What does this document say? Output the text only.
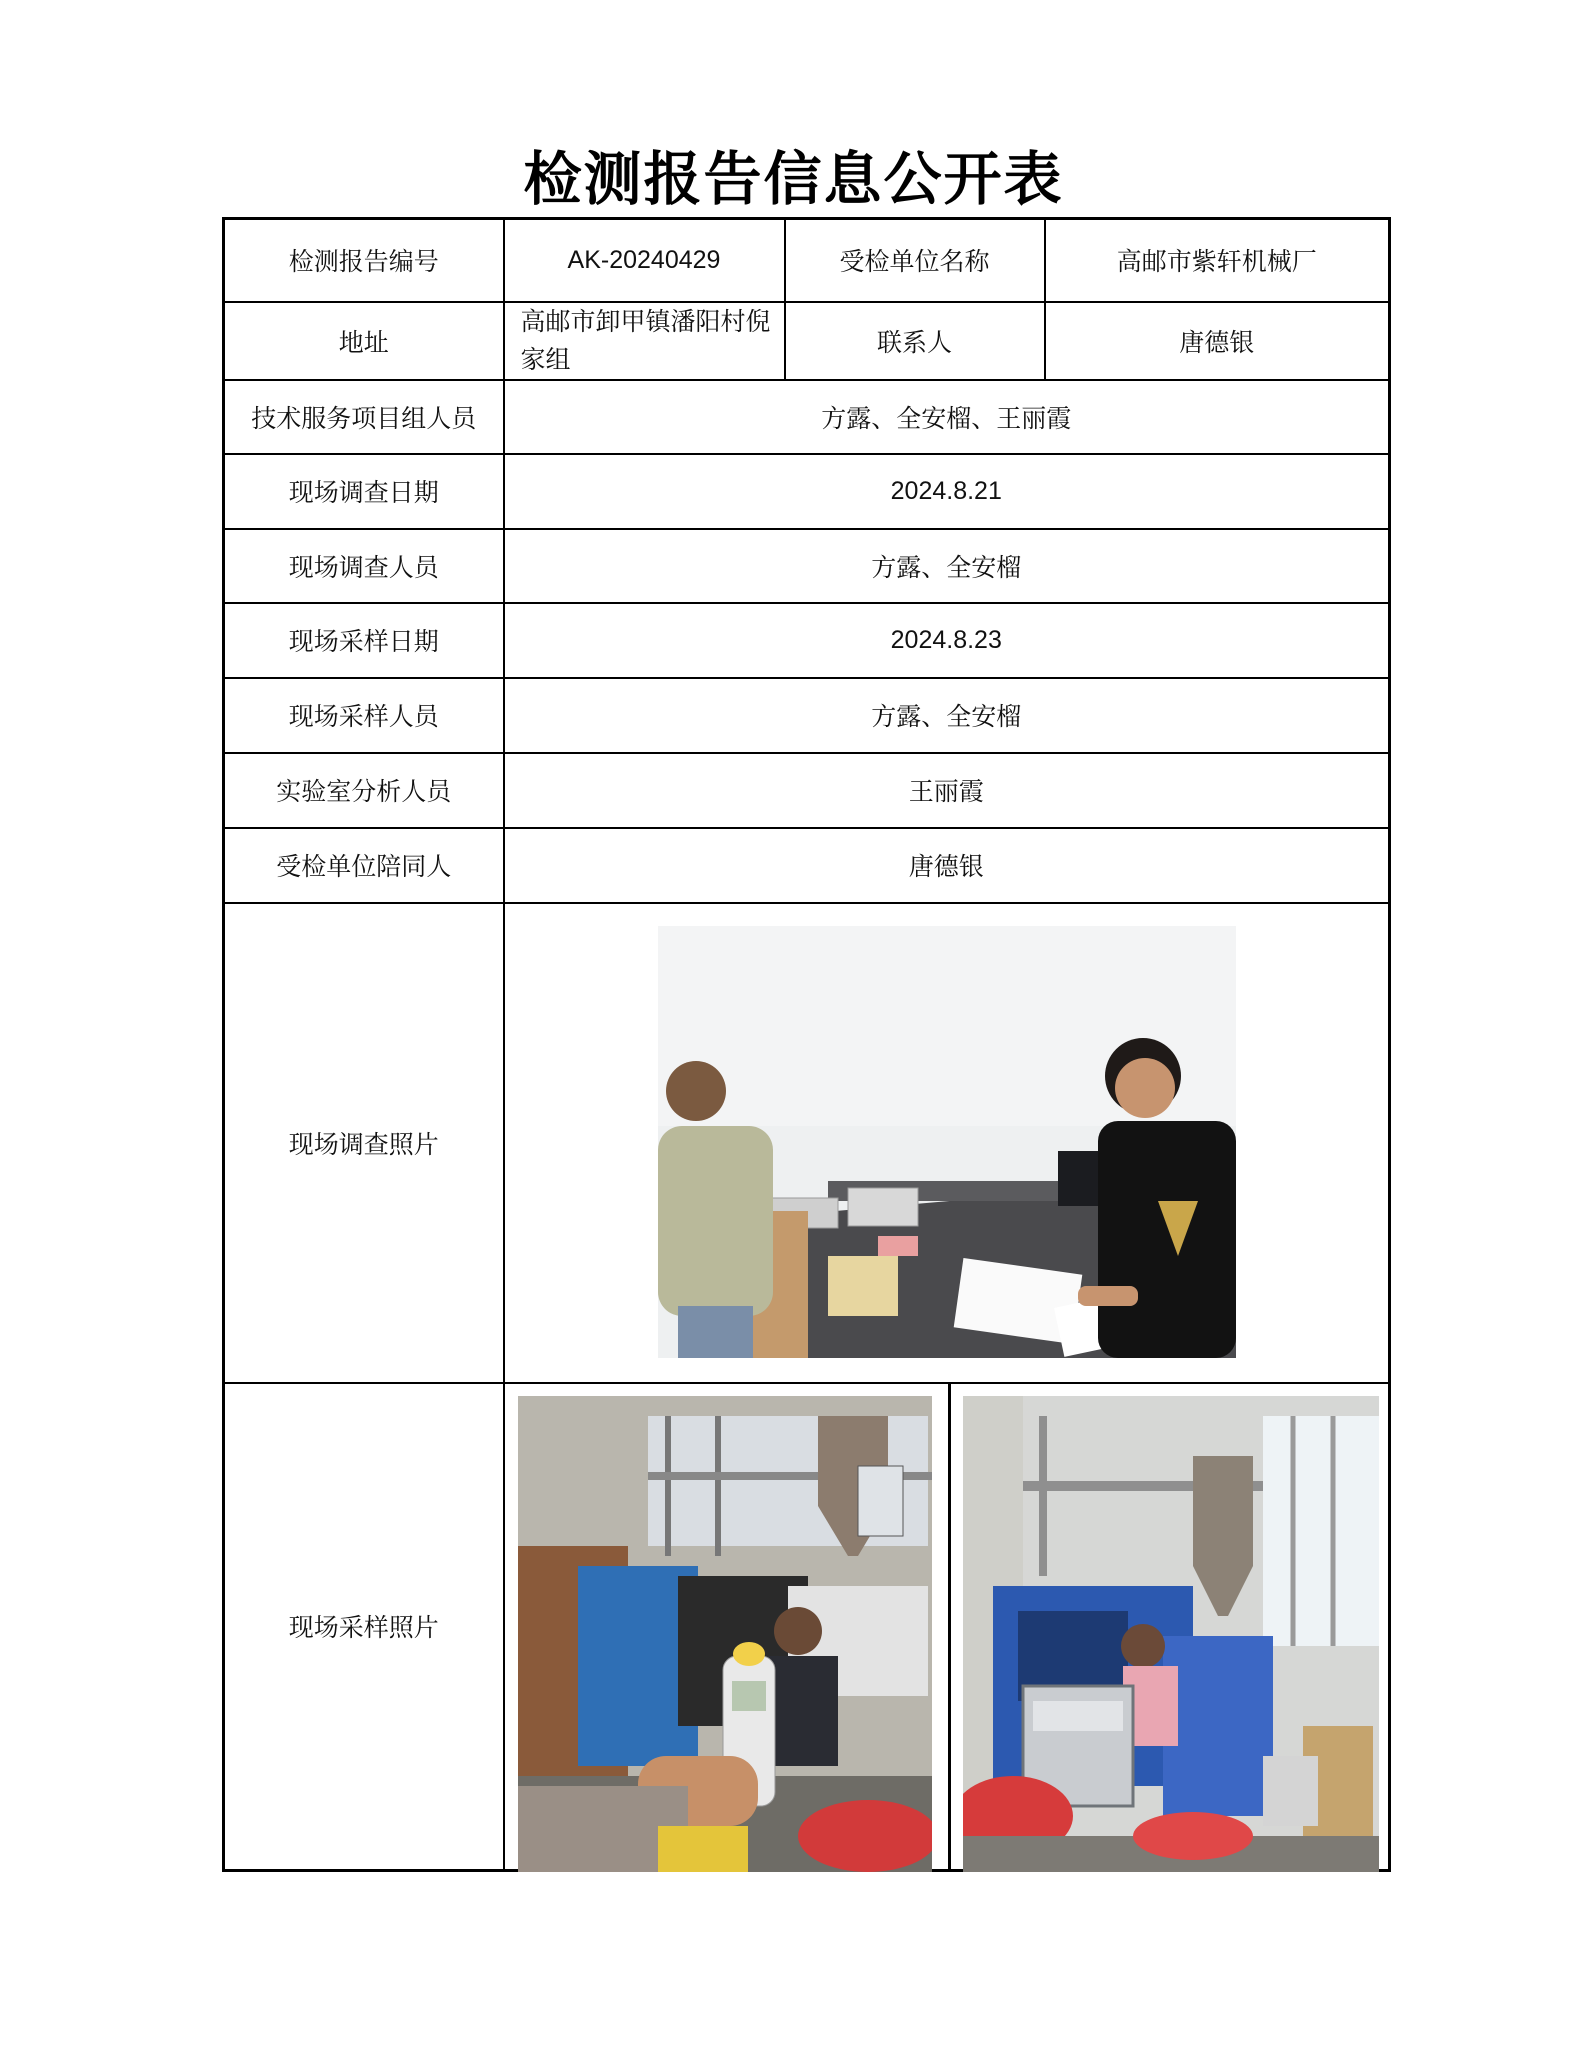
检测报告信息公开表
检测报告编号	AK-20240429	受检单位名称	高邮市紫轩机械厂
地址	高邮市卸甲镇潘阳村倪家组	联系人	唐德银
技术服务项目组人员	方露、全安榴、王丽霞		
现场调查日期	2024.8.21		
现场调查人员	方露、全安榴		
现场采样日期	2024.8.23		
现场采样人员	方露、全安榴		
实验室分析人员	王丽霞		
受检单位陪同人	唐德银		
现场调查照片	

现场采样照片	
